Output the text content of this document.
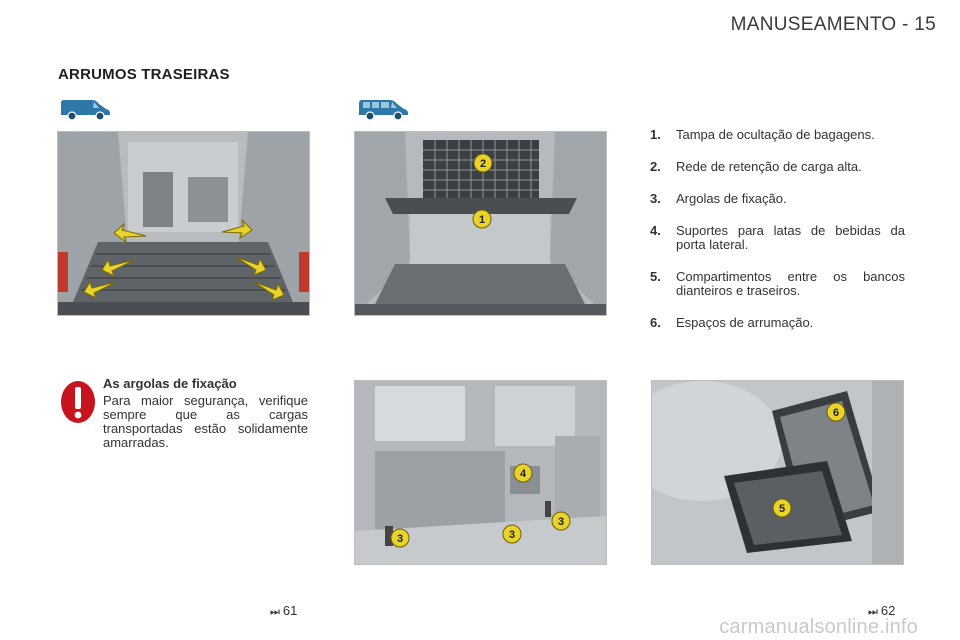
MANUSEAMENTO - 15
ARRUMOS TRASEIRAS
1
2
3	3
3
4
5
6
1.	Tampa de ocultação de bagagens.
2.	Rede de retenção de carga alta.
3.	Argolas de fixação.
4.	Suportes para latas de bebidas da porta lateral.
5.	Compartimentos entre os bancos dianteiros e traseiros.
6.	Espaços de arrumação.
As argolas de fixação
Para maior segurança, verifique sempre que as cargas transportadas estão solidamente amarradas.
⏭ 61	⏭ 62
carmanualsonline.info
